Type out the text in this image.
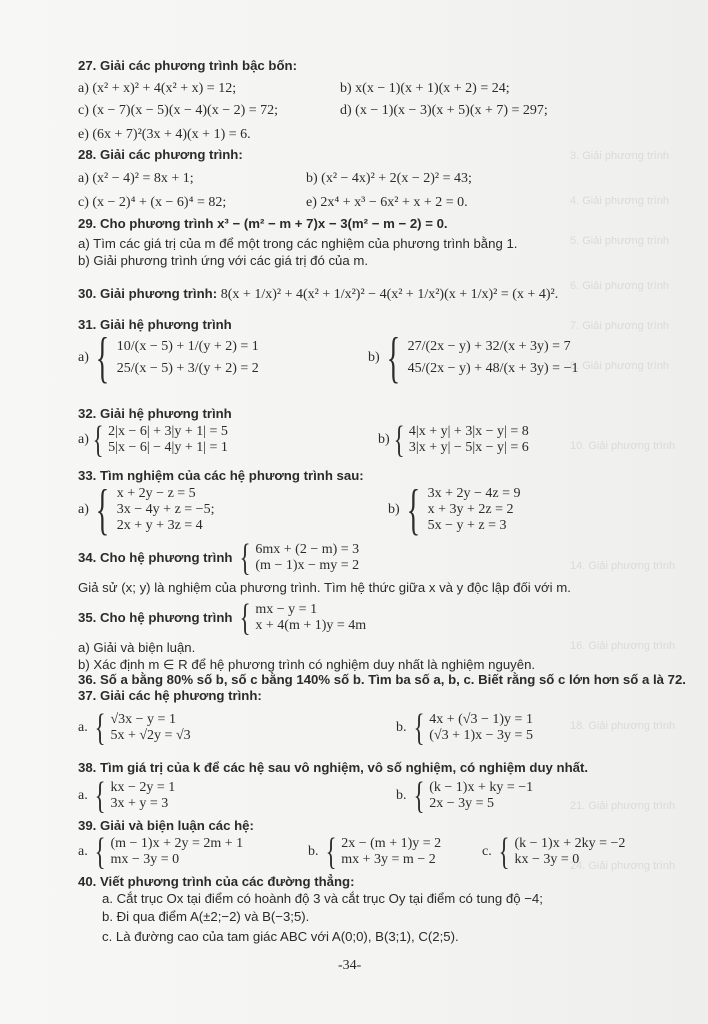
3. Giải phương trình
4. Giải phương trình
5. Giải phương trình
6. Giải phương trình
7. Giải phương trình
8. Giải phương trình
10. Giải phương trình
14. Giải phương trình
16. Giải phương trình
18. Giải phương trình
21. Giải phương trình
24. Giải phương trình
27. Giải các phương trình bậc bốn:
a) (x² + x)² + 4(x² + x) = 12;	b) x(x − 1)(x + 1)(x + 2) = 24;
c) (x − 7)(x − 5)(x − 4)(x − 2) = 72;	d) (x − 1)(x − 3)(x + 5)(x + 7) = 297;
e) (6x + 7)²(3x + 4)(x + 1) = 6.
28. Giải các phương trình:
a) (x² − 4)² = 8x + 1;	b) (x² − 4x)² + 2(x − 2)² = 43;
c) (x − 2)⁴ + (x − 6)⁴ = 82;	e) 2x⁴ + x³ − 6x² + x + 2 = 0.
29. Cho phương trình x³ − (m² − m + 7)x − 3(m² − m − 2) = 0.
a) Tìm các giá trị của m để một trong các nghiệm của phương trình bằng 1.
b) Giải phương trình ứng với các giá trị đó của m.
30. Giải phương trình: 8(x + 1/x)² + 4(x² + 1/x²)² − 4(x² + 1/x²)(x + 1/x)² = (x + 4)².
31. Giải hệ phương trình
a) { 10/(x − 5) + 1/(y + 2) = 1
25/(x − 5) + 3/(y + 2) = 2
b) { 27/(2x − y) + 32/(x + 3y) = 7
45/(2x − y) + 48/(x + 3y) = −1
32. Giải hệ phương trình
a) { 2|x − 6| + 3|y + 1| = 5
5|x − 6| − 4|y + 1| = 1
b) { 4|x + y| + 3|x − y| = 8
3|x + y| − 5|x − y| = 6
33. Tìm nghiệm của các hệ phương trình sau:
a) { x + 2y − z = 5
3x − 4y + z = −5;
2x + y + 3z = 4
b) { 3x + 2y − 4z = 9
x + 3y + 2z = 2
5x − y + z = 3
34. Cho hệ phương trình
{ 6mx + (2 − m) = 3
(m − 1)x − my = 2
Giả sử (x; y) là nghiệm của phương trình. Tìm hệ thức giữa x và y độc lập đối với m.
35. Cho hệ phương trình
{ mx − y = 1
x + 4(m + 1)y = 4m
a) Giải và biện luận.
b) Xác định m ∈ R để hệ phương trình có nghiệm duy nhất là nghiệm nguyên.
36. Số a bằng 80% số b, số c bằng 140% số b. Tìm ba số a, b, c. Biết rằng số c lớn hơn số a là 72.
37. Giải các hệ phương trình:
a. { √3x − y = 1
5x + √2y = √3
b. { 4x + (√3 − 1)y = 1
(√3 + 1)x − 3y = 5
38. Tìm giá trị của k để các hệ sau vô nghiệm, vô số nghiệm, có nghiệm duy nhất.
a. { kx − 2y = 1
3x + y = 3
b. { (k − 1)x + ky = −1
2x − 3y = 5
39. Giải và biện luận các hệ:
a. { (m − 1)x + 2y = 2m + 1
mx − 3y = 0
b. { 2x − (m + 1)y = 2
mx + 3y = m − 2
c. { (k − 1)x + 2ky = −2
kx − 3y = 0
40. Viết phương trình của các đường thẳng:
a. Cắt trục Ox tại điểm có hoành độ 3 và cắt trục Oy tại điểm có tung độ −4;
b. Đi qua điểm A(±2;−2) và B(−3;5).
c. Là đường cao của tam giác ABC với A(0;0), B(3;1), C(2;5).
-34-
